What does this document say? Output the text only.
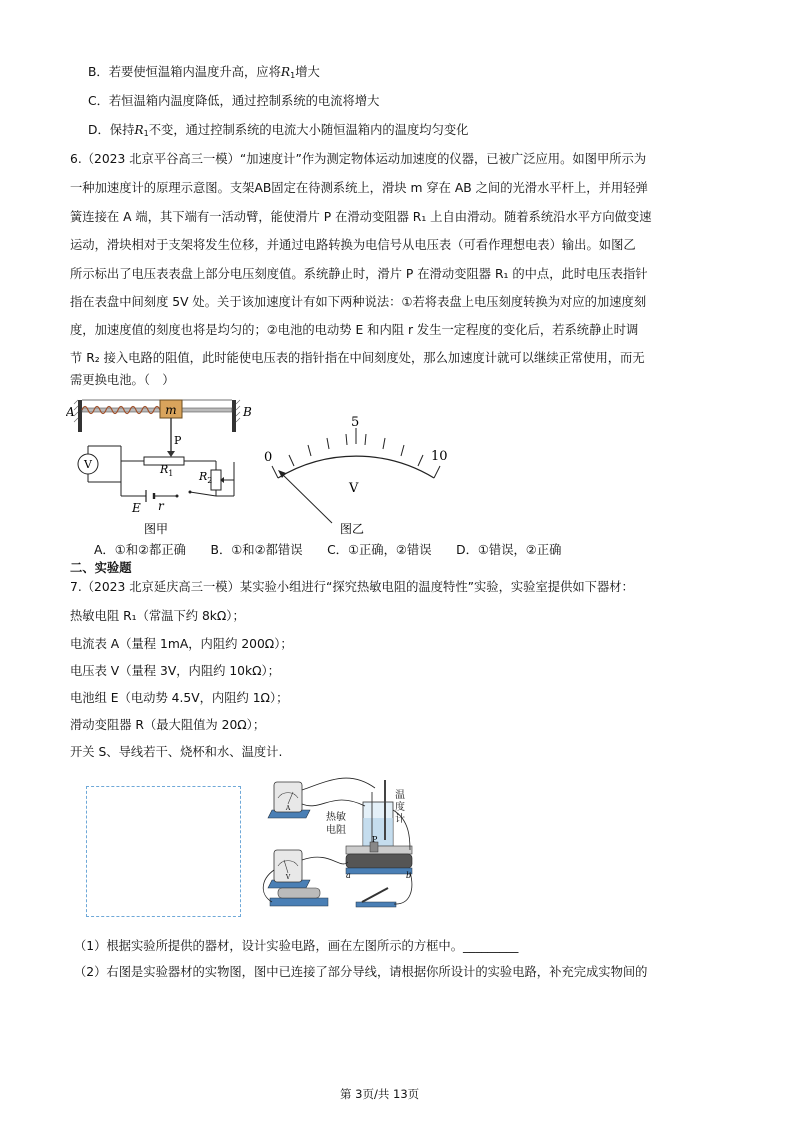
B．若要使恒温箱内温度升高，应将R1增大
C．若恒温箱内温度降低，通过控制系统的电流将增大
D．保持R1不变，通过控制系统的电流大小随恒温箱内的温度均匀变化
6.（2023 北京平谷高三一模）“加速度计”作为测定物体运动加速度的仪器，已被广泛应用。如图甲所示为
一种加速度计的原理示意图。支架AB固定在待测系统上，滑块 m 穿在 AB 之间的光滑水平杆上，并用轻弹
簧连接在 A 端，其下端有一活动臂，能使滑片 P 在滑动变阻器 R₁ 上自由滑动。随着系统沿水平方向做变速
运动，滑块相对于支架将发生位移，并通过电路转换为电信号从电压表（可看作理想电表）输出。如图乙
所示标出了电压表表盘上部分电压刻度值。系统静止时，滑片 P 在滑动变阻器 R₁ 的中点，此时电压表指针
指在表盘中间刻度 5V 处。关于该加速度计有如下两种说法：①若将表盘上电压刻度转换为对应的加速度刻
度，加速度值的刻度也将是均匀的；②电池的电动势 E 和内阻 r 发生一定程度的变化后，若系统静止时调
节 R₂ 接入电路的阻值，此时能使电压表的指针指在中间刻度处，那么加速度计就可以继续正常使用，而无
需更换电池。（　）
m
A	B
P
V	$R_1$ $R_2$
E r
图甲
0
5
10
V
图乙
A．①和②都正确　　B．①和②都错误　　C．①正确，②错误　　D．①错误，②正确
二、实验题
7.（2023 北京延庆高三一模）某实验小组进行“探究热敏电阻的温度特性”实验，实验室提供如下器材：
热敏电阻 R₁（常温下约 8kΩ）；
电流表 A（量程 1mA，内阻约 200Ω）；
电压表 V（量程 3V，内阻约 10kΩ）；
电池组 E（电动势 4.5V，内阻约 1Ω）；
滑动变阻器 R（最大阻值为 20Ω）；
开关 S、导线若干、烧杯和水、温度计.
A
V
温度计
热敏电阻
P
a	b
（1）根据实验所提供的器材，设计实验电路，画在左图所示的方框中。_________
（2）右图是实验器材的实物图，图中已连接了部分导线，请根据你所设计的实验电路，补充完成实物间的
第 3页/共 13页
